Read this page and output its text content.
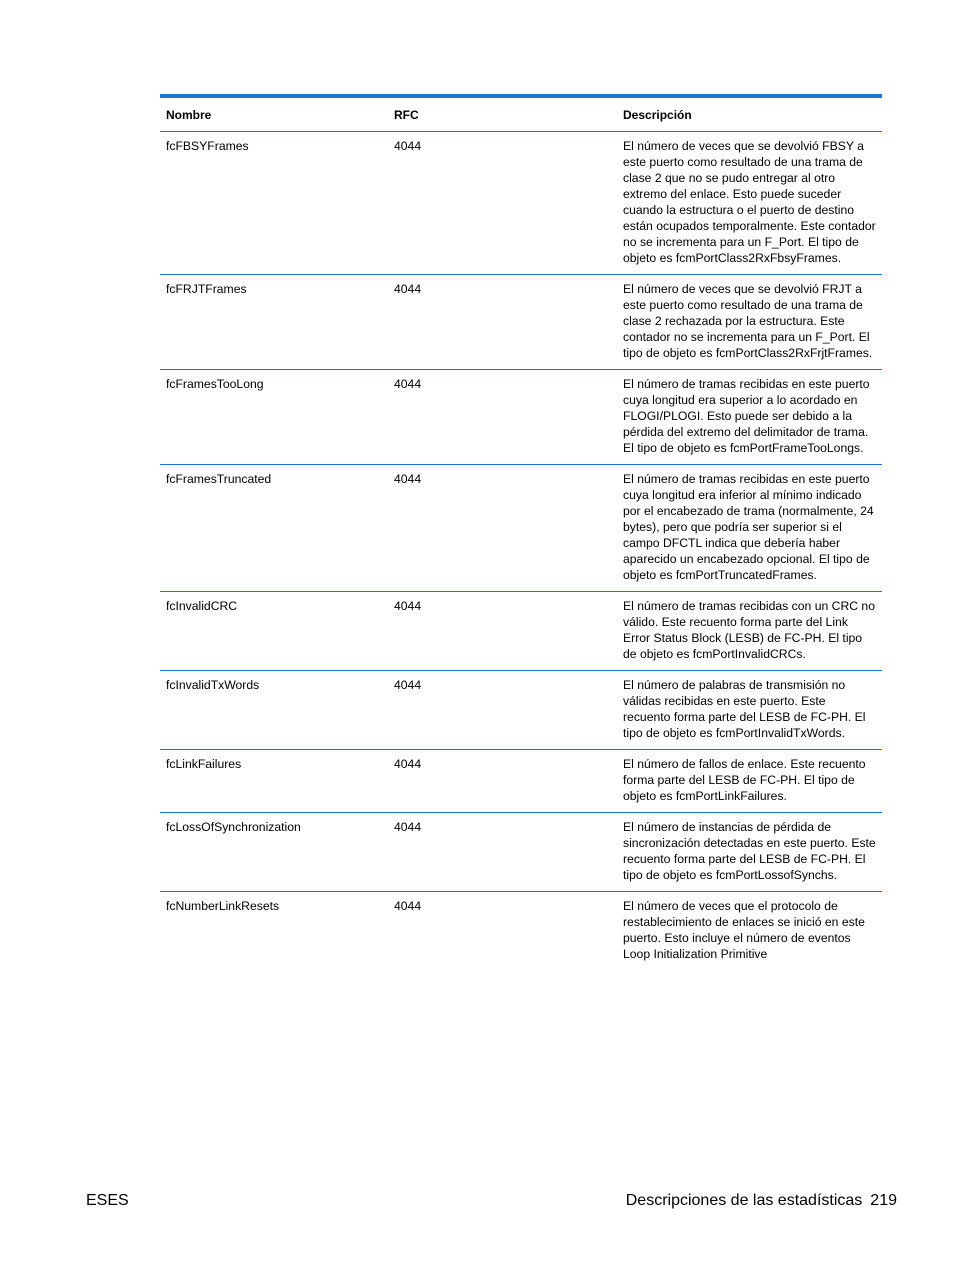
Nombre	RFC	Descripción
fcFBSYFrames	4044	El número de veces que se devolvió FBSY a este puerto como resultado de una trama de clase 2 que no se pudo entregar al otro extremo del enlace. Esto puede suceder cuando la estructura o el puerto de destino están ocupados temporalmente. Este contador no se incrementa para un F_Port. El tipo de objeto es fcmPortClass2RxFbsyFrames.
fcFRJTFrames	4044	El número de veces que se devolvió FRJT a este puerto como resultado de una trama de clase 2 rechazada por la estructura. Este contador no se incrementa para un F_Port. El tipo de objeto es fcmPortClass2RxFrjtFrames.
fcFramesTooLong	4044	El número de tramas recibidas en este puerto cuya longitud era superior a lo acordado en FLOGI/PLOGI. Esto puede ser debido a la pérdida del extremo del delimitador de trama. El tipo de objeto es fcmPortFrameTooLongs.
fcFramesTruncated	4044	El número de tramas recibidas en este puerto cuya longitud era inferior al mínimo indicado por el encabezado de trama (normalmente, 24 bytes), pero que podría ser superior si el campo DFCTL indica que debería haber aparecido un encabezado opcional. El tipo de objeto es fcmPortTruncatedFrames.
fcInvalidCRC	4044	El número de tramas recibidas con un CRC no válido. Este recuento forma parte del Link Error Status Block (LESB) de FC-PH. El tipo de objeto es fcmPortInvalidCRCs.
fcInvalidTxWords	4044	El número de palabras de transmisión no válidas recibidas en este puerto. Este recuento forma parte del LESB de FC-PH. El tipo de objeto es fcmPortInvalidTxWords.
fcLinkFailures	4044	El número de fallos de enlace. Este recuento forma parte del LESB de FC-PH. El tipo de objeto es fcmPortLinkFailures.
fcLossOfSynchronization	4044	El número de instancias de pérdida de sincronización detectadas en este puerto. Este recuento forma parte del LESB de FC-PH. El tipo de objeto es fcmPortLossofSynchs.
fcNumberLinkResets	4044	El número de veces que el protocolo de restablecimiento de enlaces se inició en este puerto. Esto incluye el número de eventos Loop Initialization Primitive
ESES	Descripciones de las estadísticas 219
